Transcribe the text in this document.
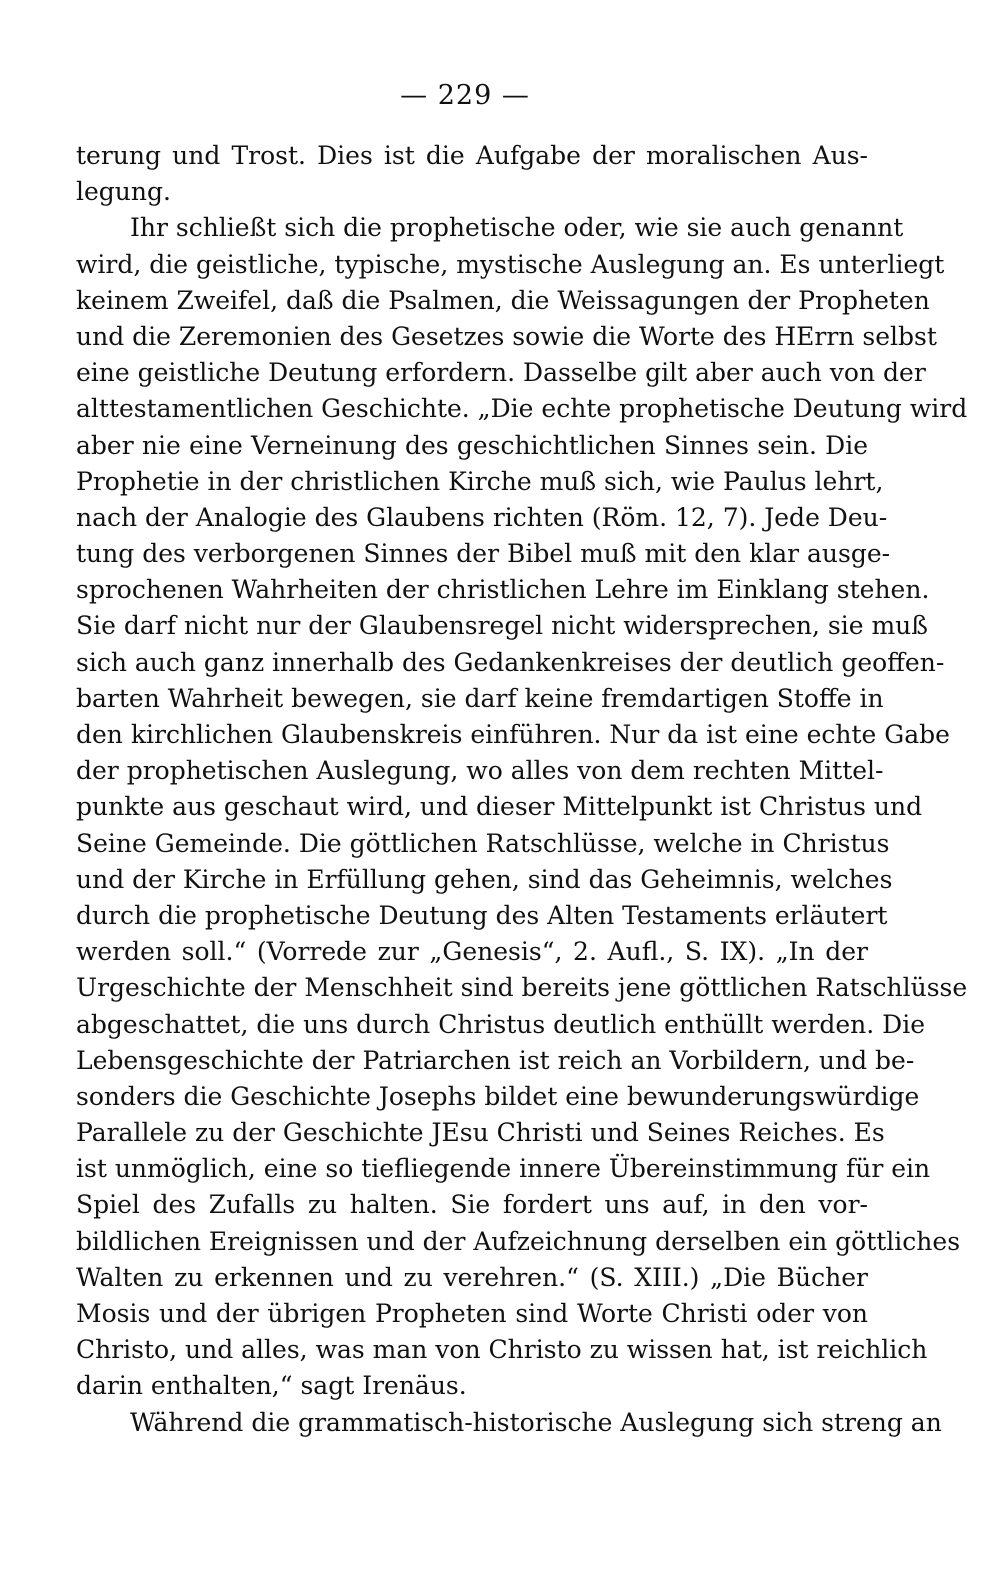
— 229 —
terung und Trost. Dies ist die Aufgabe der moralischen Aus-
legung.
Ihr schließt sich die prophetische oder, wie sie auch genannt
wird, die geistliche, typische, mystische Auslegung an. Es unterliegt
keinem Zweifel, daß die Psalmen, die Weissagungen der Propheten
und die Zeremonien des Gesetzes sowie die Worte des HErrn selbst
eine geistliche Deutung erfordern. Dasselbe gilt aber auch von der
alttestamentlichen Geschichte. „Die echte prophetische Deutung wird
aber nie eine Verneinung des geschichtlichen Sinnes sein. Die
Prophetie in der christlichen Kirche muß sich, wie Paulus lehrt,
nach der Analogie des Glaubens richten (Röm. 12, 7). Jede Deu-
tung des verborgenen Sinnes der Bibel muß mit den klar ausge-
sprochenen Wahrheiten der christlichen Lehre im Einklang stehen.
Sie darf nicht nur der Glaubensregel nicht widersprechen, sie muß
sich auch ganz innerhalb des Gedankenkreises der deutlich geoffen-
barten Wahrheit bewegen, sie darf keine fremdartigen Stoffe in
den kirchlichen Glaubenskreis einführen. Nur da ist eine echte Gabe
der prophetischen Auslegung, wo alles von dem rechten Mittel-
punkte aus geschaut wird, und dieser Mittelpunkt ist Christus und
Seine Gemeinde. Die göttlichen Ratschlüsse, welche in Christus
und der Kirche in Erfüllung gehen, sind das Geheimnis, welches
durch die prophetische Deutung des Alten Testaments erläutert
werden soll.“ (Vorrede zur „Genesis“, 2. Aufl., S. IX). „In der
Urgeschichte der Menschheit sind bereits jene göttlichen Ratschlüsse
abgeschattet, die uns durch Christus deutlich enthüllt werden. Die
Lebensgeschichte der Patriarchen ist reich an Vorbildern, und be-
sonders die Geschichte Josephs bildet eine bewunderungswürdige
Parallele zu der Geschichte JEsu Christi und Seines Reiches. Es
ist unmöglich, eine so tiefliegende innere Übereinstimmung für ein
Spiel des Zufalls zu halten. Sie fordert uns auf, in den vor-
bildlichen Ereignissen und der Aufzeichnung derselben ein göttliches
Walten zu erkennen und zu verehren.“ (S. XIII.) „Die Bücher
Mosis und der übrigen Propheten sind Worte Christi oder von
Christo, und alles, was man von Christo zu wissen hat, ist reichlich
darin enthalten,“ sagt Irenäus.
Während die grammatisch-historische Auslegung sich streng an
